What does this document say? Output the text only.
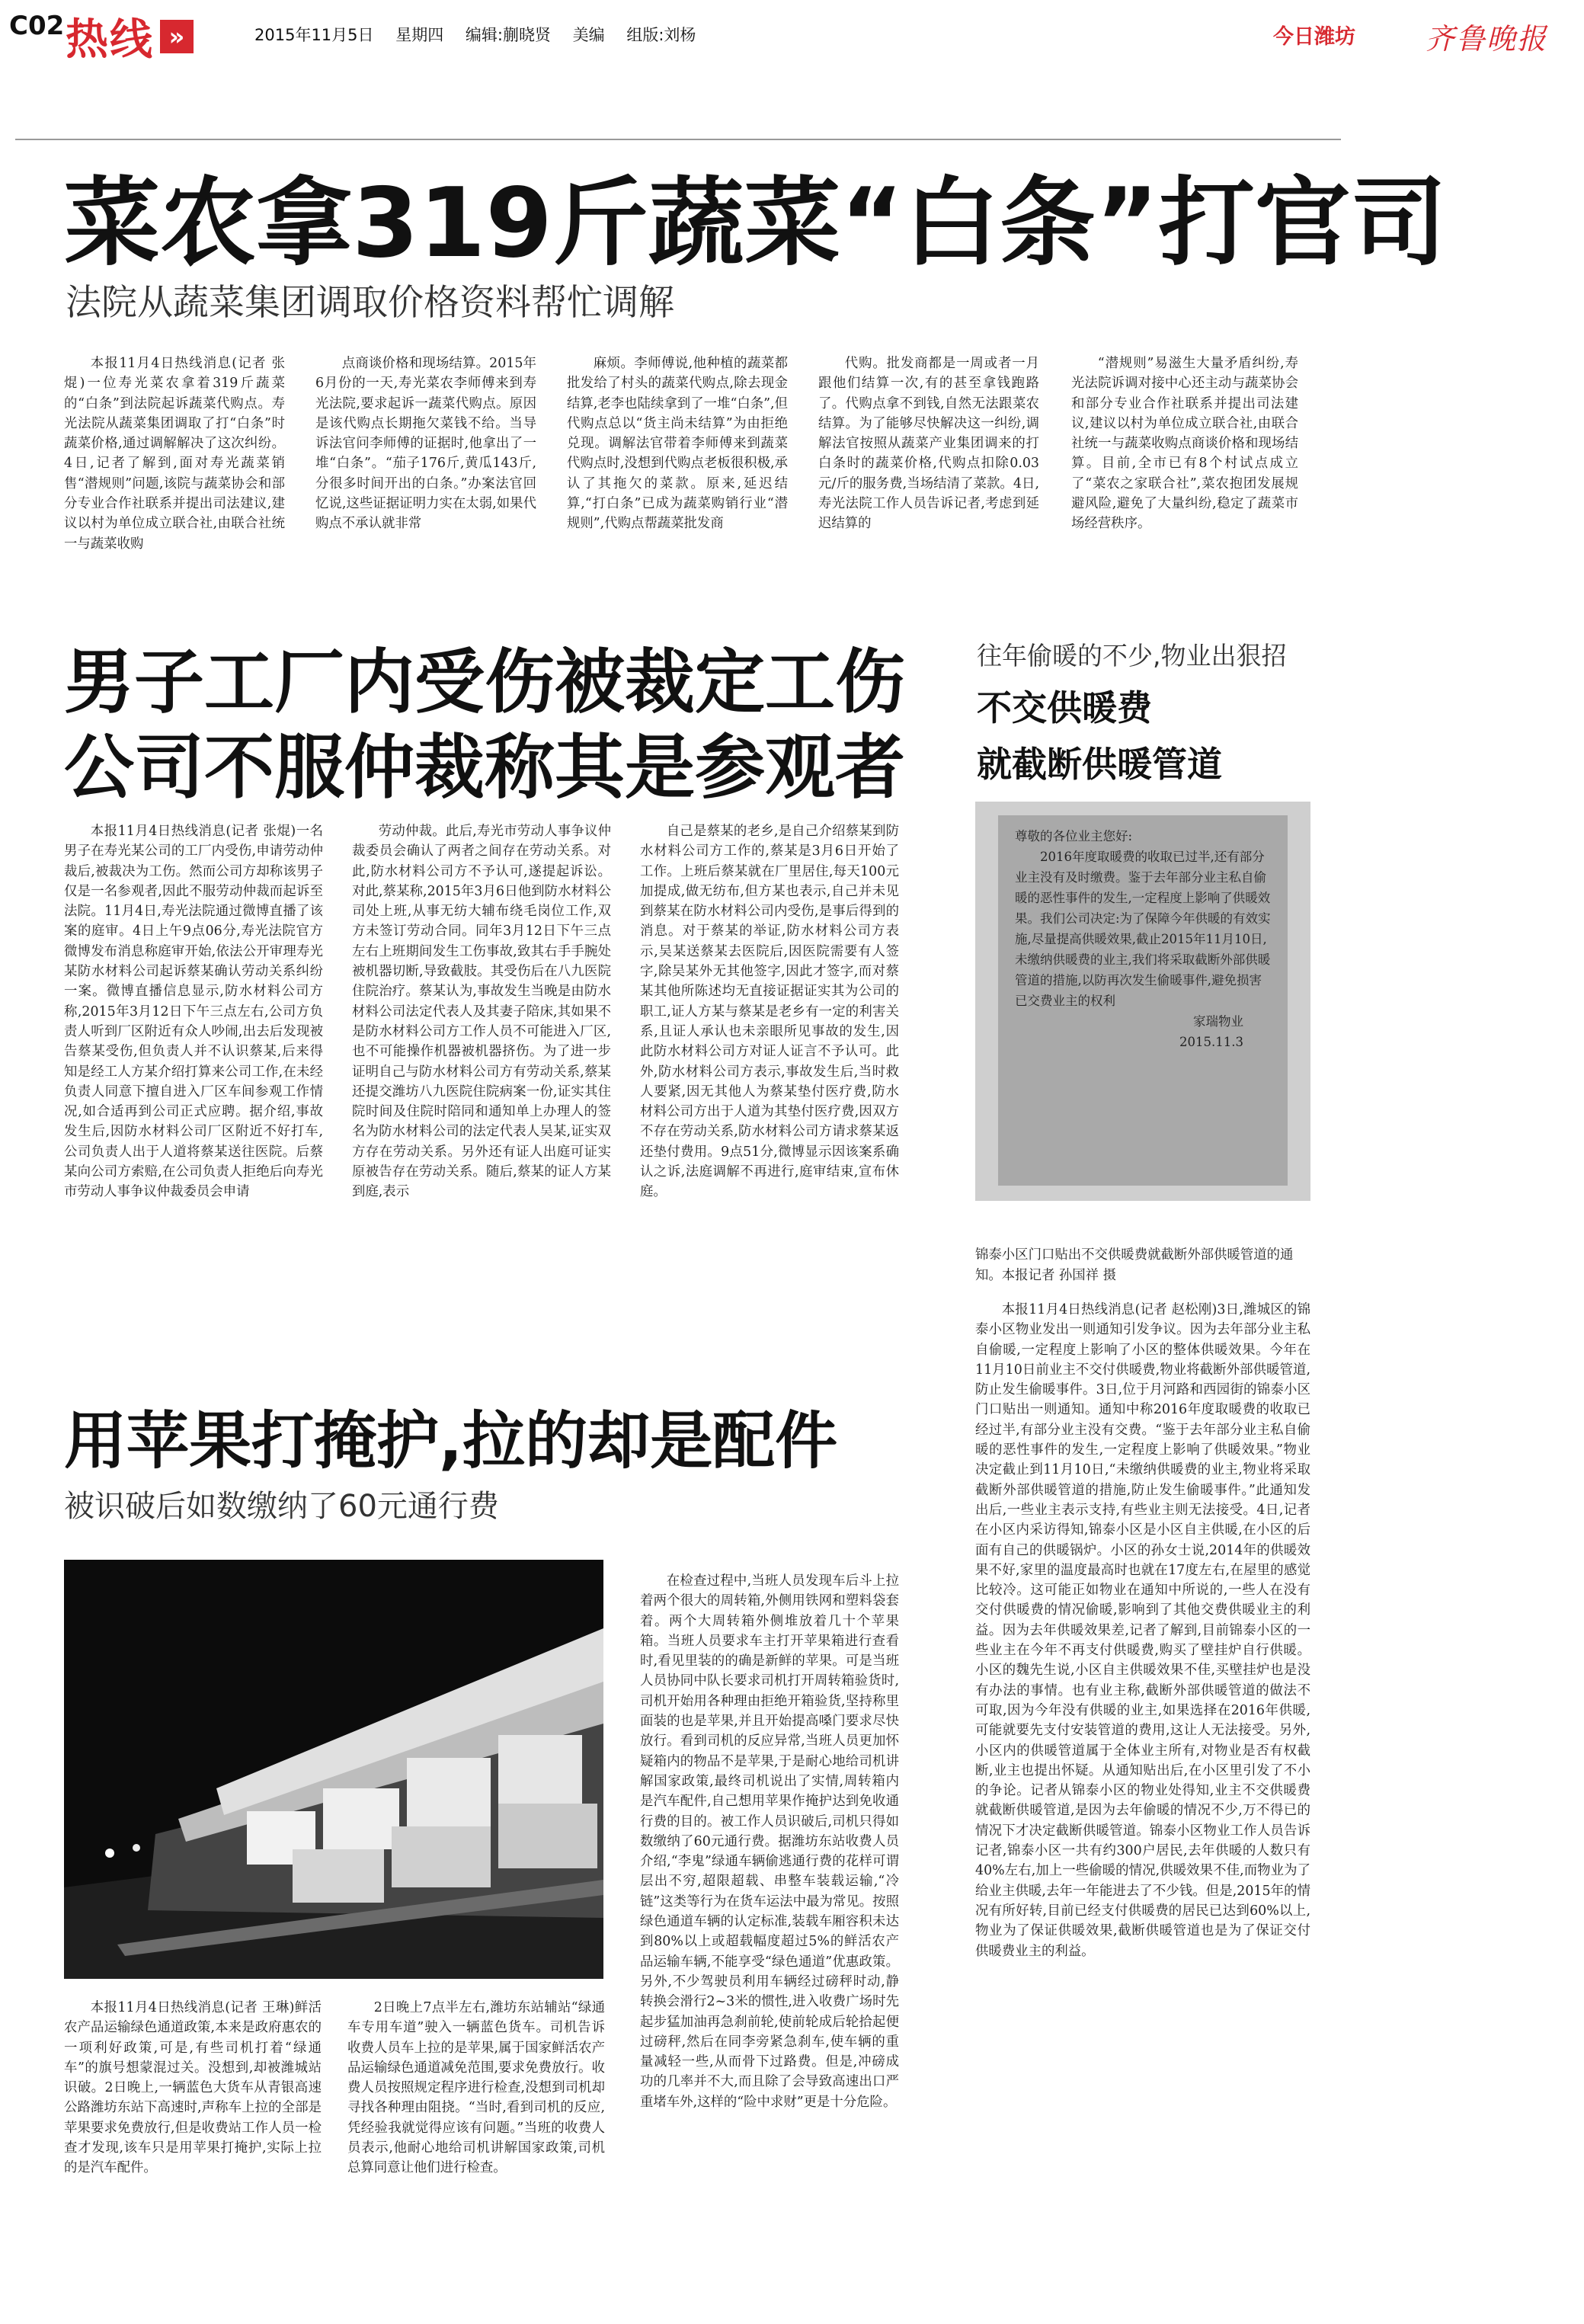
C02 热线 »	2015年11月5日 星期四 编辑:蒯晓贤 美编 组版:刘杨	今日潍坊 齐鲁晚报
菜农拿319斤蔬菜“白条”打官司
法院从蔬菜集团调取价格资料帮忙调解

本报11月4日热线消息(记者 张焜)一位寿光菜农拿着319斤蔬菜的“白条”到法院起诉蔬菜代购点。寿光法院从蔬菜集团调取了打“白条”时蔬菜价格,通过调解解决了这次纠纷。4日,记者了解到,面对寿光蔬菜销售“潜规则”问题,该院与蔬菜协会和部分专业合作社联系并提出司法建议,建议以村为单位成立联合社,由联合社统一与蔬菜收购

点商谈价格和现场结算。2015年6月份的一天,寿光菜农李师傅来到寿光法院,要求起诉一蔬菜代购点。原因是该代购点长期拖欠菜钱不给。当导诉法官问李师傅的证据时,他拿出了一堆“白条”。“茄子176斤,黄瓜143斤,分很多时间开出的白条。”办案法官回忆说,这些证据证明力实在太弱,如果代购点不承认就非常

麻烦。李师傅说,他种植的蔬菜都批发给了村头的蔬菜代购点,除去现金结算,老李也陆续拿到了一堆“白条”,但代购点总以“货主尚未结算”为由拒绝兑现。调解法官带着李师傅来到蔬菜代购点时,没想到代购点老板很积极,承认了其拖欠的菜款。原来,延迟结算,“打白条”已成为蔬菜购销行业“潜规则”,代购点帮蔬菜批发商

代购。批发商都是一周或者一月跟他们结算一次,有的甚至拿钱跑路了。代购点拿不到钱,自然无法跟菜农结算。为了能够尽快解决这一纠纷,调解法官按照从蔬菜产业集团调来的打白条时的蔬菜价格,代购点扣除0.03元/斤的服务费,当场结清了菜款。4日,寿光法院工作人员告诉记者,考虑到延迟结算的

“潜规则”易滋生大量矛盾纠纷,寿光法院诉调对接中心还主动与蔬菜协会和部分专业合作社联系并提出司法建议,建议以村为单位成立联合社,由联合社统一与蔬菜收购点商谈价格和现场结算。目前,全市已有8个村试点成立了“菜农之家联合社”,菜农抱团发展规避风险,避免了大量纠纷,稳定了蔬菜市场经营秩序。

男子工厂内受伤被裁定工伤
公司不服仲裁称其是参观者

本报11月4日热线消息(记者 张焜)一名男子在寿光某公司的工厂内受伤,申请劳动仲裁后,被裁决为工伤。然而公司方却称该男子仅是一名参观者,因此不服劳动仲裁而起诉至法院。11月4日,寿光法院通过微博直播了该案的庭审。4日上午9点06分,寿光法院官方微博发布消息称庭审开始,依法公开审理寿光某防水材料公司起诉蔡某确认劳动关系纠纷一案。微博直播信息显示,防水材料公司方称,2015年3月12日下午三点左右,公司方负责人听到厂区附近有众人吵闹,出去后发现被告蔡某受伤,但负责人并不认识蔡某,后来得知是经工人方某介绍打算来公司工作,在未经负责人同意下擅自进入厂区车间参观工作情况,如合适再到公司正式应聘。据介绍,事故发生后,因防水材料公司厂区附近不好打车,公司负责人出于人道将蔡某送往医院。后蔡某向公司方索赔,在公司负责人拒绝后向寿光市劳动人事争议仲裁委员会申请

劳动仲裁。此后,寿光市劳动人事争议仲裁委员会确认了两者之间存在劳动关系。对此,防水材料公司方不予认可,遂提起诉讼。对此,蔡某称,2015年3月6日他到防水材料公司处上班,从事无纺大辅布绕毛岗位工作,双方未签订劳动合同。同年3月12日下午三点左右上班期间发生工伤事故,致其右手手腕处被机器切断,导致截肢。其受伤后在八九医院住院治疗。蔡某认为,事故发生当晚是由防水材料公司法定代表人及其妻子陪床,其如果不是防水材料公司方工作人员不可能进入厂区,也不可能操作机器被机器挤伤。为了进一步证明自己与防水材料公司方有劳动关系,蔡某还提交潍坊八九医院住院病案一份,证实其住院时间及住院时陪同和通知单上办理人的签名为防水材料公司的法定代表人吴某,证实双方存在劳动关系。另外还有证人出庭可证实原被告存在劳动关系。随后,蔡某的证人方某到庭,表示

自己是蔡某的老乡,是自己介绍蔡某到防水材料公司方工作的,蔡某是3月6日开始了工作。上班后蔡某就在厂里居住,每天100元加提成,做无纺布,但方某也表示,自己并未见到蔡某在防水材料公司内受伤,是事后得到的消息。对于蔡某的举证,防水材料公司方表示,吴某送蔡某去医院后,因医院需要有人签字,除吴某外无其他签字,因此才签字,而对蔡某其他所陈述均无直接证据证实其为公司的职工,证人方某与蔡某是老乡有一定的利害关系,且证人承认也未亲眼所见事故的发生,因此防水材料公司方对证人证言不予认可。此外,防水材料公司方表示,事故发生后,当时救人要紧,因无其他人为蔡某垫付医疗费,防水材料公司方出于人道为其垫付医疗费,因双方不存在劳动关系,防水材料公司方请求蔡某返还垫付费用。9点51分,微博显示因该案系确认之诉,法庭调解不再进行,庭审结束,宣布休庭。

用苹果打掩护,拉的却是配件
被识破后如数缴纳了60元通行费

本报11月4日热线消息(记者 王琳)鲜活农产品运输绿色通道政策,本来是政府惠农的一项利好政策,可是,有些司机打着“绿通车”的旗号想蒙混过关。没想到,却被潍城站识破。2日晚上,一辆蓝色大货车从青银高速公路潍坊东站下高速时,声称车上拉的全部是苹果要求免费放行,但是收费站工作人员一检查才发现,该车只是用苹果打掩护,实际上拉的是汽车配件。

2日晚上7点半左右,潍坊东站辅站“绿通车专用车道”驶入一辆蓝色货车。司机告诉收费人员车上拉的是苹果,属于国家鲜活农产品运输绿色通道减免范围,要求免费放行。收费人员按照规定程序进行检查,没想到司机却寻找各种理由阻挠。“当时,看到司机的反应,凭经验我就觉得应该有问题。”当班的收费人员表示,他耐心地给司机讲解国家政策,司机总算同意让他们进行检查。

在检查过程中,当班人员发现车后斗上拉着两个很大的周转箱,外侧用铁网和塑料袋套着。两个大周转箱外侧堆放着几十个苹果箱。当班人员要求车主打开苹果箱进行查看时,看见里装的的确是新鲜的苹果。可是当班人员协同中队长要求司机打开周转箱验货时,司机开始用各种理由拒绝开箱验货,坚持称里面装的也是苹果,并且开始提高嗓门要求尽快放行。看到司机的反应异常,当班人员更加怀疑箱内的物品不是苹果,于是耐心地给司机讲解国家政策,最终司机说出了实情,周转箱内是汽车配件,自己想用苹果作掩护达到免收通行费的目的。被工作人员识破后,司机只得如数缴纳了60元通行费。据潍坊东站收费人员介绍,“李鬼”绿通车辆偷逃通行费的花样可谓层出不穷,超限超载、串整车装载运输,“冷链”这类等行为在货车运法中最为常见。按照绿色通道车辆的认定标准,装载车厢容积未达到80%以上或超载幅度超过5%的鲜活农产品运输车辆,不能享受“绿色通道”优惠政策。另外,不少驾驶员利用车辆经过磅秤时动,静转换会滑行2~3米的惯性,进入收费广场时先起步猛加油再急刹前轮,使前轮成后轮拾起便过磅秤,然后在同李旁紧急刹车,使车辆的重量减轻一些,从而骨下过路费。但是,冲磅成功的几率并不大,而且除了会导致高速出口严重堵车外,这样的“险中求财”更是十分危险。

往年偷暖的不少,物业出狠招
不交供暖费
就截断供暖管道
尊敬的各位业主您好:
2016年度取暖费的收取已过半,还有部分业主没有及时缴费。鉴于去年部分业主私自偷暖的恶性事件的发生,一定程度上影响了供暖效果。我们公司决定:为了保障今年供暖的有效实施,尽量提高供暖效果,截止2015年11月10日,未缴纳供暖费的业主,我们将采取截断外部供暖管道的措施,以防再次发生偷暖事件,避免损害已交费业主的权利
家瑞物业
2015.11.3
锦泰小区门口贴出不交供暖费就截断外部供暖管道的通知。本报记者 孙国祥 摄

本报11月4日热线消息(记者 赵松刚)3日,潍城区的锦泰小区物业发出一则通知引发争议。因为去年部分业主私自偷暖,一定程度上影响了小区的整体供暖效果。今年在11月10日前业主不交付供暖费,物业将截断外部供暖管道,防止发生偷暖事件。3日,位于月河路和西园街的锦泰小区门口贴出一则通知。通知中称2016年度取暖费的收取已经过半,有部分业主没有交费。“鉴于去年部分业主私自偷暖的恶性事件的发生,一定程度上影响了供暖效果。”物业决定截止到11月10日,“未缴纳供暖费的业主,物业将采取截断外部供暖管道的措施,防止发生偷暖事件。”此通知发出后,一些业主表示支持,有些业主则无法接受。4日,记者在小区内采访得知,锦泰小区是小区自主供暖,在小区的后面有自己的供暖锅炉。小区的孙女士说,2014年的供暖效果不好,家里的温度最高时也就在17度左右,在屋里的感觉比较冷。这可能正如物业在通知中所说的,一些人在没有交付供暖费的情况偷暖,影响到了其他交费供暖业主的利益。因为去年供暖效果差,记者了解到,目前锦泰小区的一些业主在今年不再支付供暖费,购买了壁挂炉自行供暖。小区的魏先生说,小区自主供暖效果不佳,买壁挂炉也是没有办法的事情。也有业主称,截断外部供暖管道的做法不可取,因为今年没有供暖的业主,如果选择在2016年供暖,可能就要先支付安装管道的费用,这让人无法接受。另外,小区内的供暖管道属于全体业主所有,对物业是否有权截断,业主也提出怀疑。从通知贴出后,在小区里引发了不小的争论。记者从锦泰小区的物业处得知,业主不交供暖费就截断供暖管道,是因为去年偷暖的情况不少,万不得已的情况下才决定截断供暖管道。锦泰小区物业工作人员告诉记者,锦泰小区一共有约300户居民,去年供暖的人数只有40%左右,加上一些偷暖的情况,供暖效果不佳,而物业为了给业主供暖,去年一年能进去了不少钱。但是,2015年的情况有所好转,目前已经支付供暖费的居民已达到60%以上,物业为了保证供暖效果,截断供暖管道也是为了保证交付供暖费业主的利益。
